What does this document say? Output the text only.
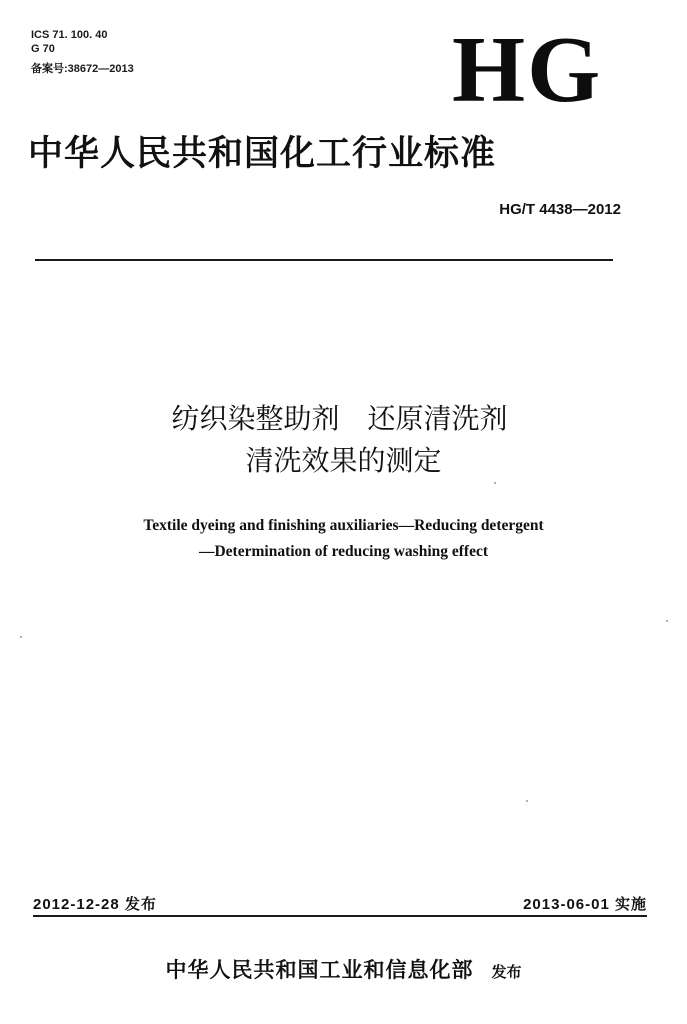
ICS 71. 100. 40
G 70
备案号:38672—2013	HG
中华人民共和国化工行业标准
HG/T 4438—2012
纺织染整助剂　还原清洗剂
清洗效果的测定
Textile dyeing and finishing auxiliaries—Reducing detergent
—Determination of reducing washing effect
2012-12-28 发布	2013-06-01 实施
中华人民共和国工业和信息化部 发布
